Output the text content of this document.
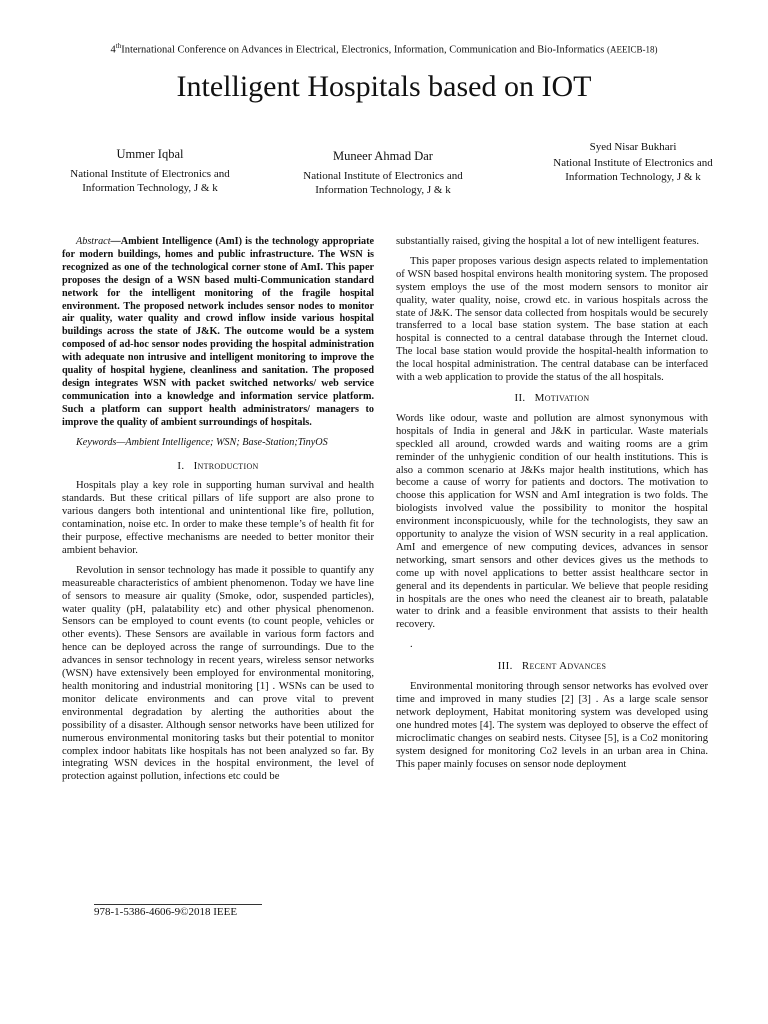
4thInternational Conference on Advances in Electrical, Electronics, Information, Communication and Bio-Informatics (AEEICB-18)
Intelligent Hospitals based on IOT
Ummer Iqbal
National Institute of Electronics and
Information Technology, J & k
Muneer Ahmad Dar
National Institute of Electronics and
Information Technology, J & k
Syed Nisar Bukhari
National Institute of Electronics and
Information Technology, J & k

Abstract—Ambient Intelligence (AmI) is the technology appropriate for modern buildings, homes and public infrastructure. The WSN is recognized as one of the technological corner stone of AmI. This paper proposes the design of a WSN based multi-Communication standard network for the intelligent monitoring of the fragile hospital environment. The proposed network includes sensor nodes to monitor air quality, water quality and crowd inflow inside various hospital buildings across the state of J&K. The outcome would be a system composed of ad-hoc sensor nodes providing the hospital administration with adequate non intrusive and intelligent monitoring to improve the quality of hospital hygiene, cleanliness and sanitation. The proposed design integrates WSN with packet switched networks/ web service communication into a knowledge and information service platform. Such a platform can support health administrators/ managers to improve the quality of ambient surroundings of hospitals.

Keywords—Ambient Intelligence; WSN; Base-Station;TinyOS

I. Introduction

Hospitals play a key role in supporting human survival and health standards. But these critical pillars of life support are also prone to various dangers both intentional and unintentional like fire, pollution, contamination, noise etc. In order to make these temple’s of health fit for their purpose, effective mechanisms are needed to better monitor their ambient behavior.

Revolution in sensor technology has made it possible to quantify any measureable characteristics of ambient phenomenon. Today we have line of sensors to measure air quality (Smoke, odor, suspended particles), water quality (pH, palatability etc) and other physical phenomenon. Sensors can be employed to count events (to count people, vehicles or other events). These Sensors are available in various form factors and hence can be deployed across the range of surroundings. Due to the advances in sensor technology in recent years, wireless sensor networks (WSN) have extensively been employed for environmental monitoring, health monitoring and industrial monitoring [1] . WSNs can be used to monitor delicate environments and can prove vital to prevent environmental degradation by alerting the authorities about the possibility of a disaster. Although sensor networks have been utilized for numerous environmental monitoring tasks but their potential to monitor complex indoor habitats like hospitals has not been analyzed so far. By integrating WSN devices in the hospital environment, the level of protection against pollution, infections etc could be

substantially raised, giving the hospital a lot of new intelligent features.

This paper proposes various design aspects related to implementation of WSN based hospital environs health monitoring system. The proposed system employs the use of the most modern sensors to monitor air quality, water quality, noise, crowd etc. in various hospitals across the state of J&K. The sensor data collected from hospitals would be securely transferred to a local base station system. The base station at each hospital is connected to a central database through the Internet cloud. The local base station would provide the hospital-health information to the local hospital administration. The central database can be interfaced with a web application to provide the status of the all hospitals.

II. Motivation

Words like odour, waste and pollution are almost synonymous with hospitals of India in general and J&K in particular. Waste materials speckled all around, crowded wards and waiting rooms are a grim reminder of the unhygienic condition of our health institutions. This is also a common scenario at J&Ks major health institutions, which has become a cause of worry for patients and doctors. The motivation to choose this application for WSN and AmI integration is two folds. The biologists involved value the possibility to monitor the hospital environment inconspicuously, while for the technologists, they saw an opportunity to analyze the vision of WSN security in a real application. AmI and emergence of new computing devices, advances in sensor networking, smart sensors and other devices gives us the methods to come up with novel applications to better assist healthcare sector in general and its dependents in particular. We believe that people residing in hospitals are the ones who need the cleanest air to breath, palatable water to drink and a feasible environment that assists to their health recovery.

.

III. Recent Advances

Environmental monitoring through sensor networks has evolved over time and improved in many studies [2] [3] . As a large scale sensor network deployment, Habitat monitoring system was developed using one hundred motes [4]. The system was deployed to observe the effect of microclimatic changes on seabird nests. Citysee [5], is a Co2 monitoring system designed for monitoring Co2 levels in an urban area in China. This paper mainly focuses on sensor node deployment

978-1-5386-4606-9©2018 IEEE
